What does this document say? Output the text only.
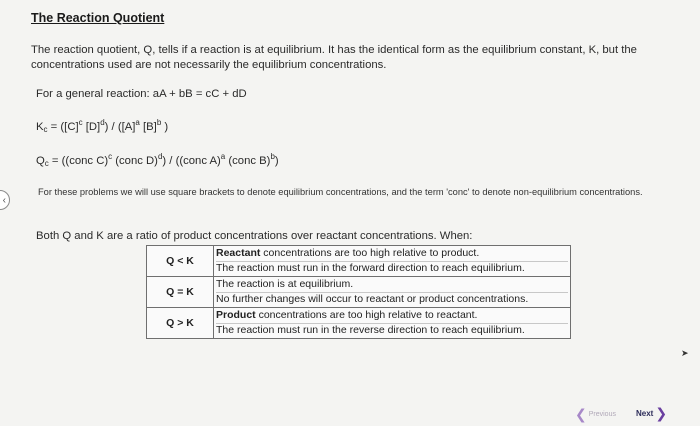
The Reaction Quotient
The reaction quotient, Q, tells if a reaction is at equilibrium. It has the identical form as the equilibrium constant, K, but the concentrations used are not necessarily the equilibrium concentrations.
For a general reaction: aA + bB = cC + dD
$K_c = ([C]^c$ $[D]^d) / ([A]^a$ $[B]^b$ )
$Q_c$ = ((conc C)$^c$ (conc D)$^d$) / ((conc A)$^a$ (conc B)$^b$)
‹
For these problems we will use square brackets to denote equilibrium concentrations, and the term 'conc' to denote non-equilibrium concentrations.
Both Q and K are a ratio of product concentrations over reactant concentrations. When:
Q < K	Reactant concentrations are too high relative to product.
The reaction must run in the forward direction to reach equilibrium.

Q = K	The reaction is at equilibrium.
No further changes will occur to reactant or product concentrations.

Q > K	Product concentrations are too high relative to reactant.
The reaction must run in the reverse direction to reach equilibrium.
➤
❮ Previous	Next ❯
